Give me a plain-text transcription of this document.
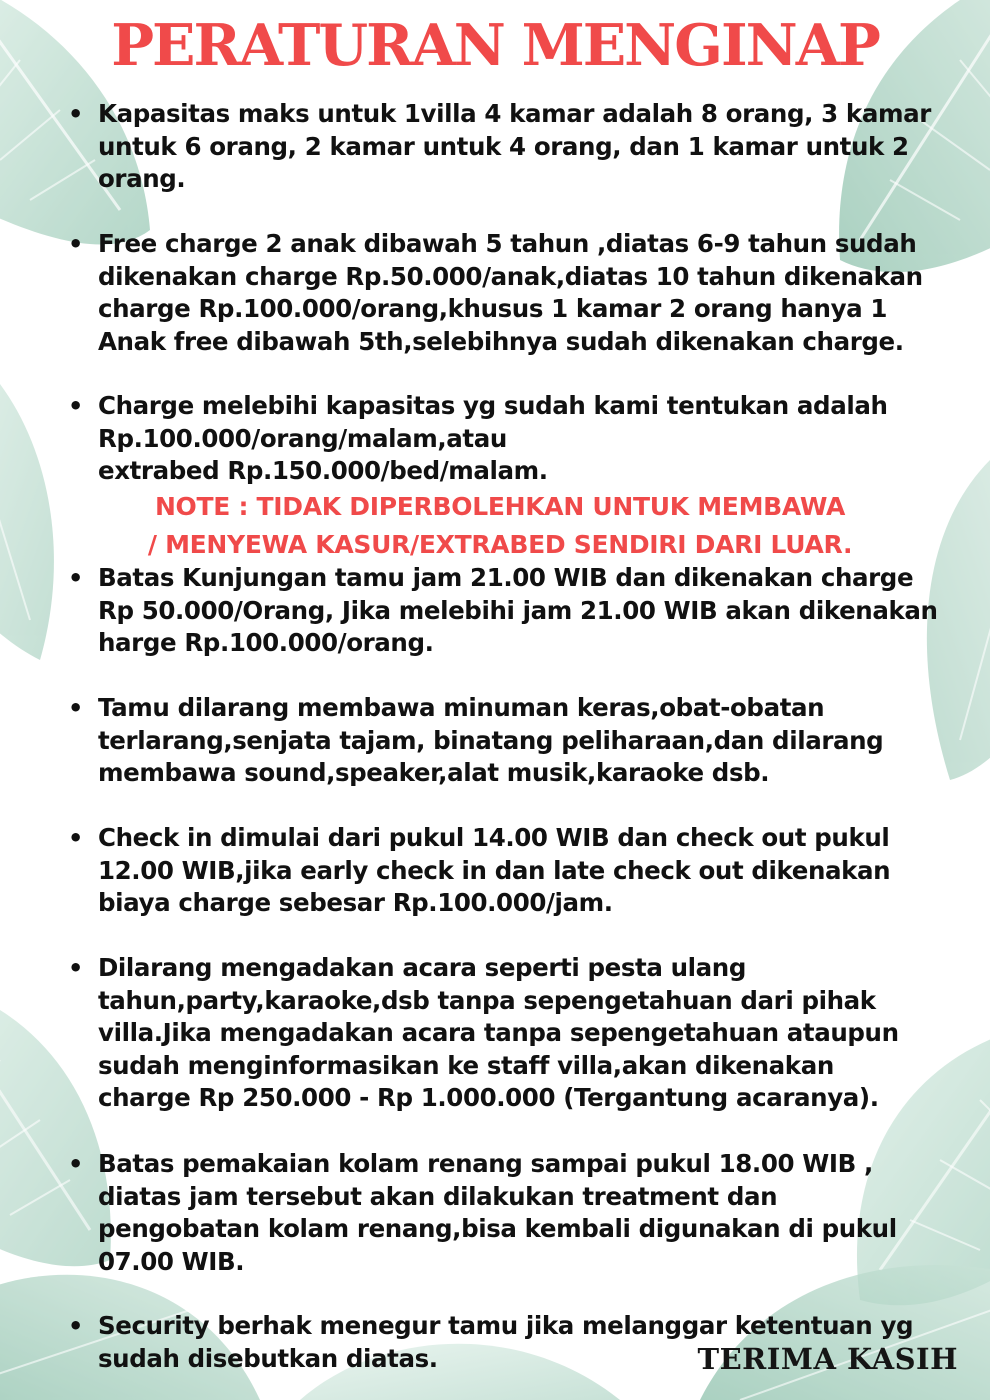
PERATURAN MENGINAP
• Kapasitas maks untuk 1villa 4 kamar adalah 8 orang, 3 kamar
untuk 6 orang, 2 kamar untuk 4 orang, dan 1 kamar untuk 2
orang.
• Free charge 2 anak dibawah 5 tahun ,diatas 6-9 tahun sudah
dikenakan charge Rp.50.000/anak,diatas 10 tahun dikenakan
charge Rp.100.000/orang,khusus 1 kamar 2 orang hanya 1
Anak free dibawah 5th,selebihnya sudah dikenakan charge.
• Charge melebihi kapasitas yg sudah kami tentukan adalah
Rp.100.000/orang/malam,atau
extrabed Rp.150.000/bed/malam.
• Batas Kunjungan tamu jam 21.00 WIB dan dikenakan charge
Rp 50.000/Orang, Jika melebihi jam 21.00 WIB akan dikenakan
harge Rp.100.000/orang.
• Tamu dilarang membawa minuman keras,obat-obatan
terlarang,senjata tajam, binatang peliharaan,dan dilarang
membawa sound,speaker,alat musik,karaoke dsb.
• Check in dimulai dari pukul 14.00 WIB dan check out pukul
12.00 WIB,jika early check in dan late check out dikenakan
biaya charge sebesar Rp.100.000/jam.
• Dilarang mengadakan acara seperti pesta ulang
tahun,party,karaoke,dsb tanpa sepengetahuan dari pihak
villa.Jika mengadakan acara tanpa sepengetahuan ataupun
sudah menginformasikan ke staff villa,akan dikenakan
charge Rp 250.000 - Rp 1.000.000 (Tergantung acaranya).
• Batas pemakaian kolam renang sampai pukul 18.00 WIB ,
diatas jam tersebut akan dilakukan treatment dan
pengobatan kolam renang,bisa kembali digunakan di pukul
07.00 WIB.
• Security berhak menegur tamu jika melanggar ketentuan yg
sudah disebutkan diatas.
NOTE : TIDAK DIPERBOLEHKAN UNTUK MEMBAWA
/ MENYEWA KASUR/EXTRABED SENDIRI DARI LUAR.
TERIMA KASIH
